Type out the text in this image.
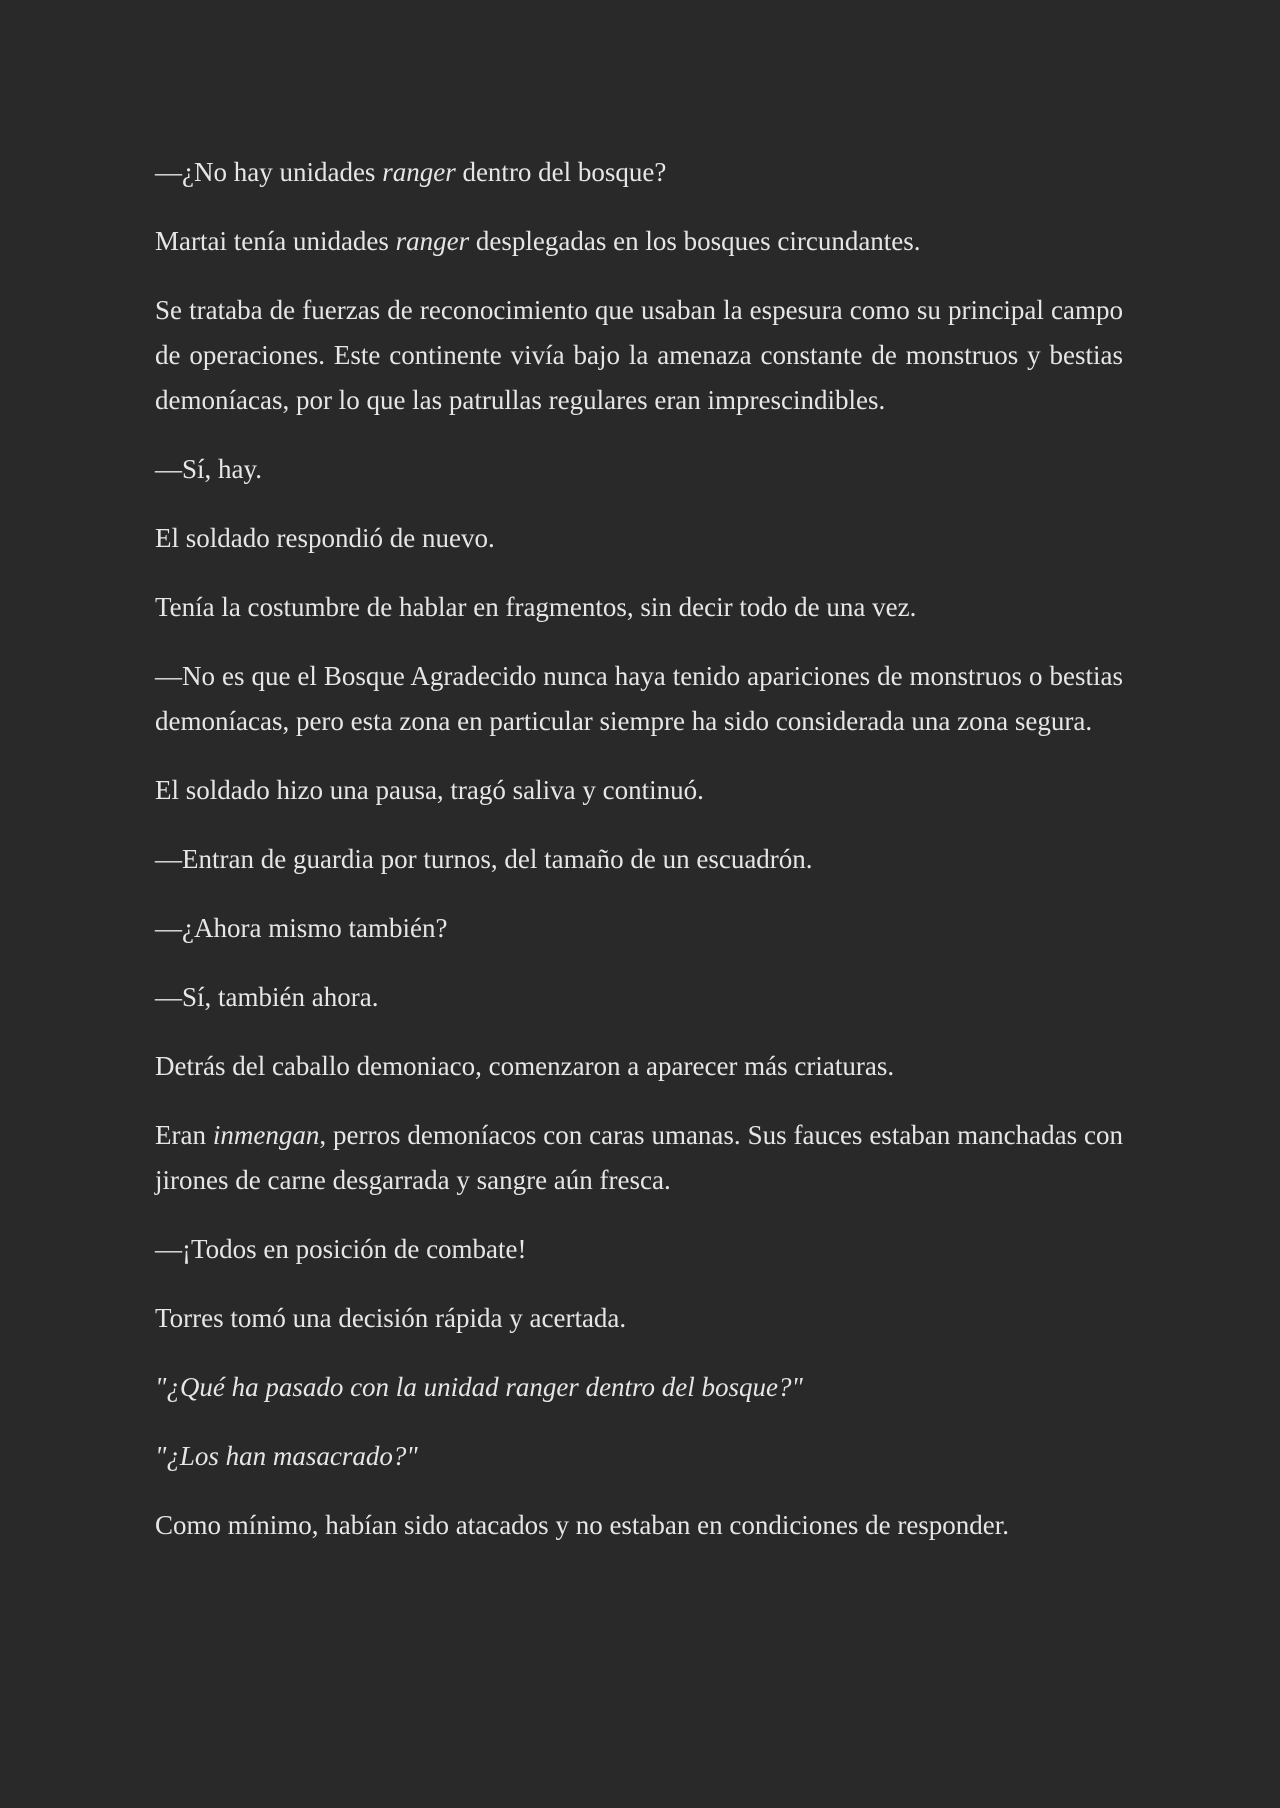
—¿No hay unidades ranger dentro del bosque?

Martai tenía unidades ranger desplegadas en los bosques circundantes.

Se trataba de fuerzas de reconocimiento que usaban la espesura como su principal campo de operaciones. Este continente vivía bajo la amenaza constante de monstruos y bestias demoníacas, por lo que las patrullas regulares eran imprescindibles.

—Sí, hay.

El soldado respondió de nuevo.

Tenía la costumbre de hablar en fragmentos, sin decir todo de una vez.

—No es que el Bosque Agradecido nunca haya tenido apariciones de monstruos o bestias demoníacas, pero esta zona en particular siempre ha sido considerada una zona segura.

El soldado hizo una pausa, tragó saliva y continuó.

—Entran de guardia por turnos, del tamaño de un escuadrón.

—¿Ahora mismo también?

—Sí, también ahora.

Detrás del caballo demoniaco, comenzaron a aparecer más criaturas.

Eran inmengan, perros demoníacos con caras umanas. Sus fauces estaban manchadas con jirones de carne desgarrada y sangre aún fresca.

—¡Todos en posición de combate!

Torres tomó una decisión rápida y acertada.

"¿Qué ha pasado con la unidad ranger dentro del bosque?"

"¿Los han masacrado?"

Como mínimo, habían sido atacados y no estaban en condiciones de responder.
